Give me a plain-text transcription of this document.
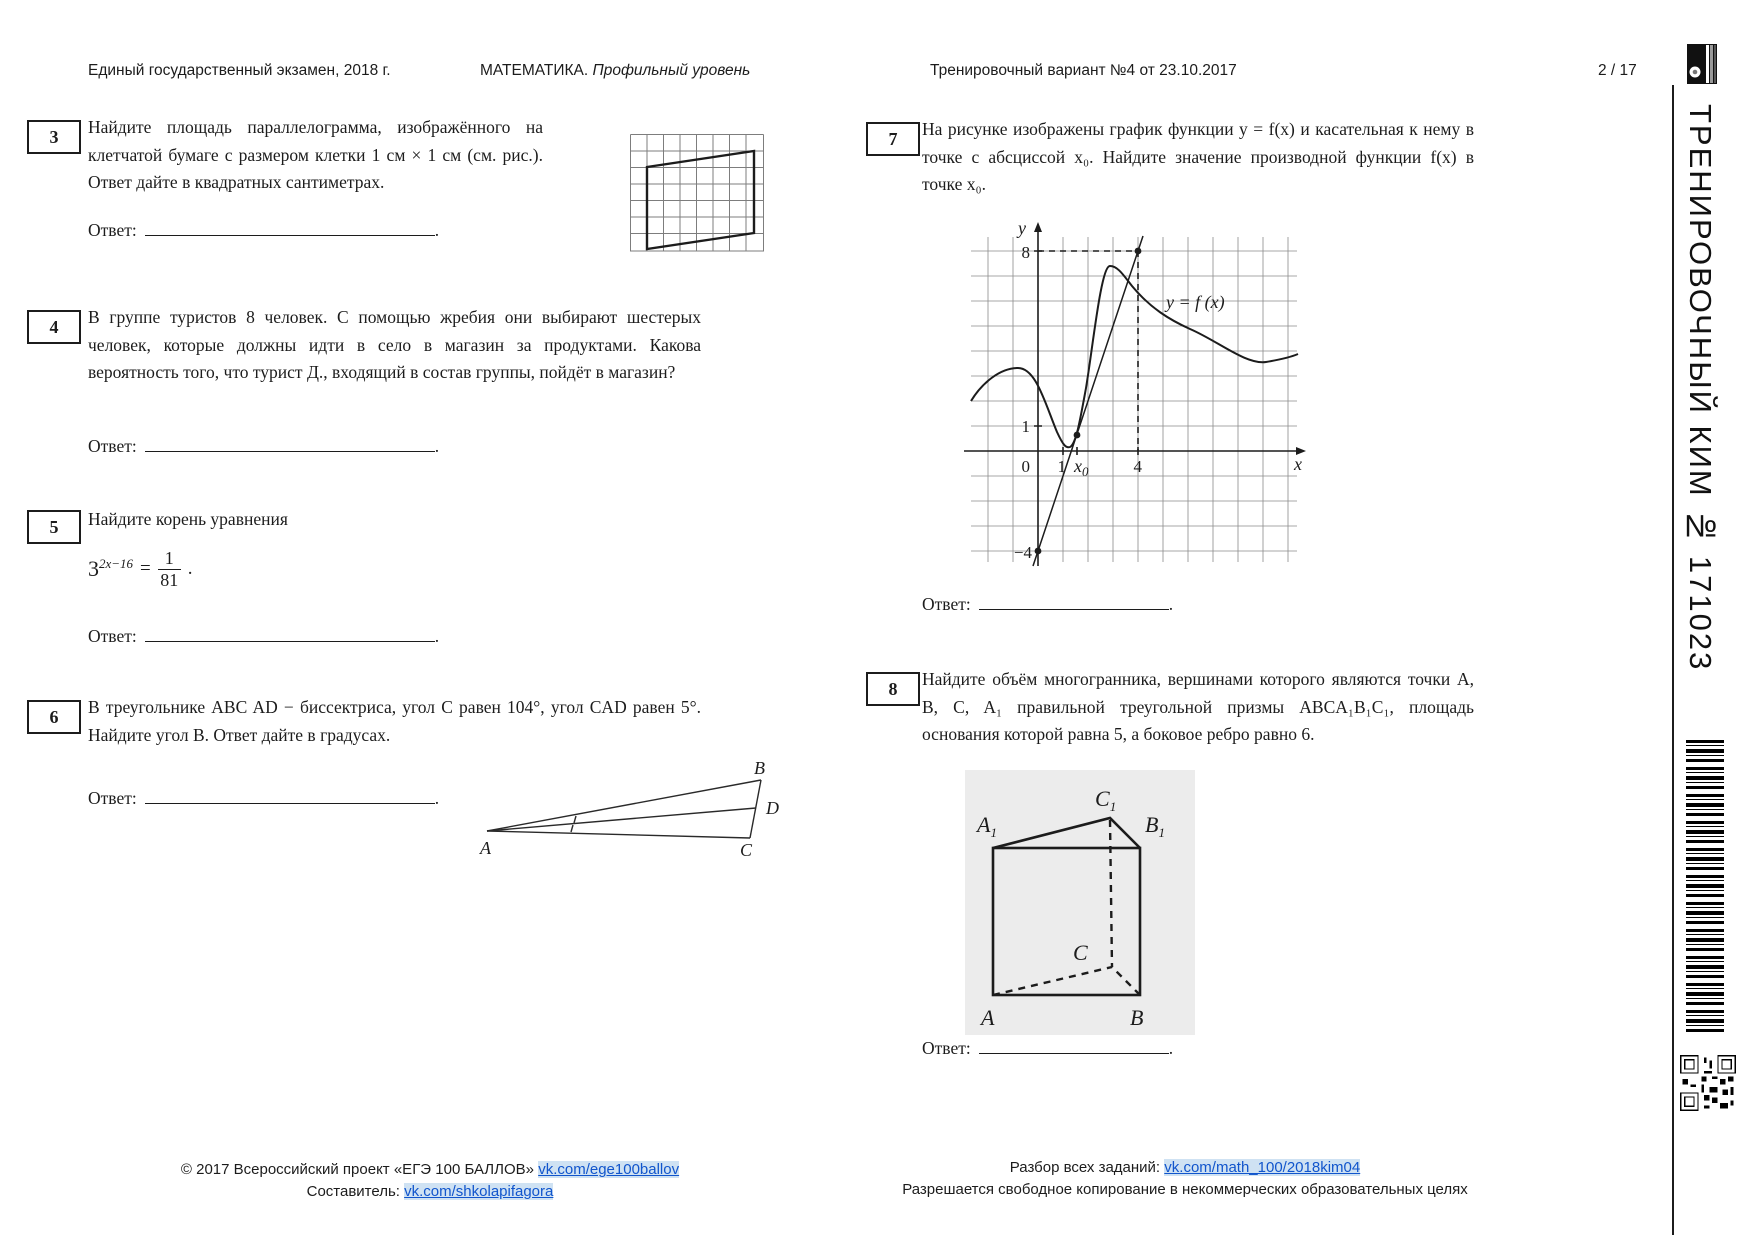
Единый государственный экзамен, 2018 г.	МАТЕМАТИКА. Профильный уровень	Тренировочный вариант №4 от 23.10.2017	2 / 17
3	Найдите площадь параллелограмма, изображённого на клетчатой бумаге с размером клетки 1 см × 1 см (см. рис.). Ответ дайте в квадратных сантиметрах.
Ответ:	.
4	В группе туристов 8 человек. С помощью жребия они выбирают шестерых человек, которые должны идти в село в магазин за продуктами. Какова вероятность того, что турист Д., входящий в состав группы, пойдёт в магазин?
Ответ:	.
5	Найдите корень уравнения
$3^{2x-16} = \frac{1}{81}$ .
Ответ:	.
6	В треугольнике ABC AD − биссектриса, угол C равен 104°, угол CAD равен 5°. Найдите угол B. Ответ дайте в градусах.
Ответ:	.
A
B
D
C
7	На рисунке изображены график функции y = f(x) и касательная к нему в точке с абсциссой x₀. Найдите значение производной функции f(x) в точке x₀.
y
x
8
1
0 1 $x_0$	4
−4
y = f (x)
Ответ:	.
8	Найдите объём многогранника, вершинами которого являются точки A, B, C, A₁ правильной треугольной призмы ABCA₁B₁C₁, площадь основания которой равна 5, а боковое ребро равно 6.
$A_1$
$C_1$
$B_1$
C
A	B
Ответ:	.
© 2017 Всероссийский проект «ЕГЭ 100 БАЛЛОВ» vk.com/ege100ballov
Составитель: vk.com/shkolapifagora
Разбор всех заданий: vk.com/math_100/2018kim04
Разрешается свободное копирование в некоммерческих образовательных целях
ТРЕНИРОВОЧНЫЙ КИМ № 171023
